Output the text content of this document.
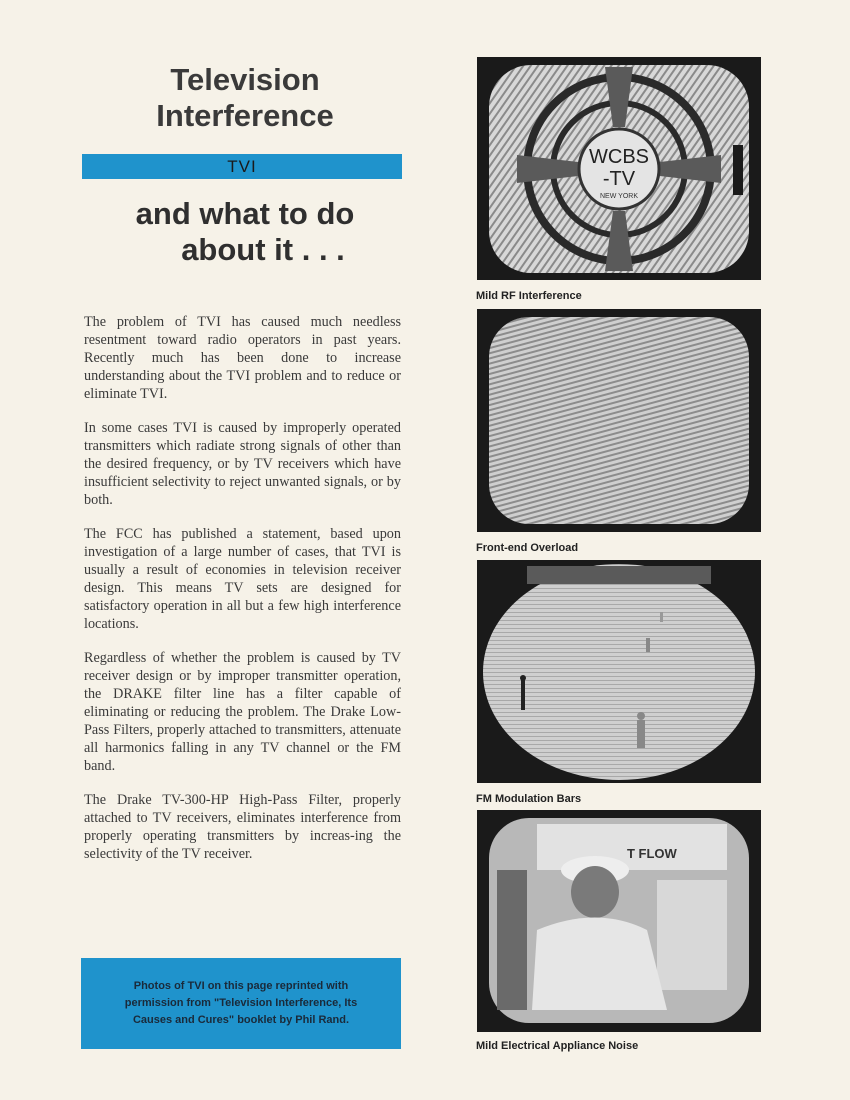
Television
Interference
TVI
and what to do
about it . . .

The problem of TVI has caused much needless resentment toward radio operators in past years. Recently much has been done to increase understanding about the TVI problem and to reduce or eliminate TVI.

In some cases TVI is caused by improperly operated transmitters which radiate strong signals of other than the desired frequency, or by TV receivers which have insufficient selectivity to reject unwanted signals, or by both.

The FCC has published a statement, based upon investigation of a large number of cases, that TVI is usually a result of economies in television receiver design. This means TV sets are designed for satisfactory operation in all but a few high interference locations.

Regardless of whether the problem is caused by TV receiver design or by improper transmitter operation, the DRAKE filter line has a filter capable of eliminating or reducing the problem. The Drake Low-Pass Filters, properly attached to transmitters, attenuate all harmonics falling in any TV channel or the FM band.

The Drake TV-300-HP High-Pass Filter, properly attached to TV receivers, eliminates interference from properly operating transmitters by increas-ing the selectivity of the TV receiver.

Photos of TVI on this page reprinted with permission from "Television Interference, Its Causes and Cures" booklet by Phil Rand.
WCBS
-TV
NEW YORK
Mild RF Interference
Front-end Overload
FM Modulation Bars
T FLOW
Mild Electrical Appliance Noise
